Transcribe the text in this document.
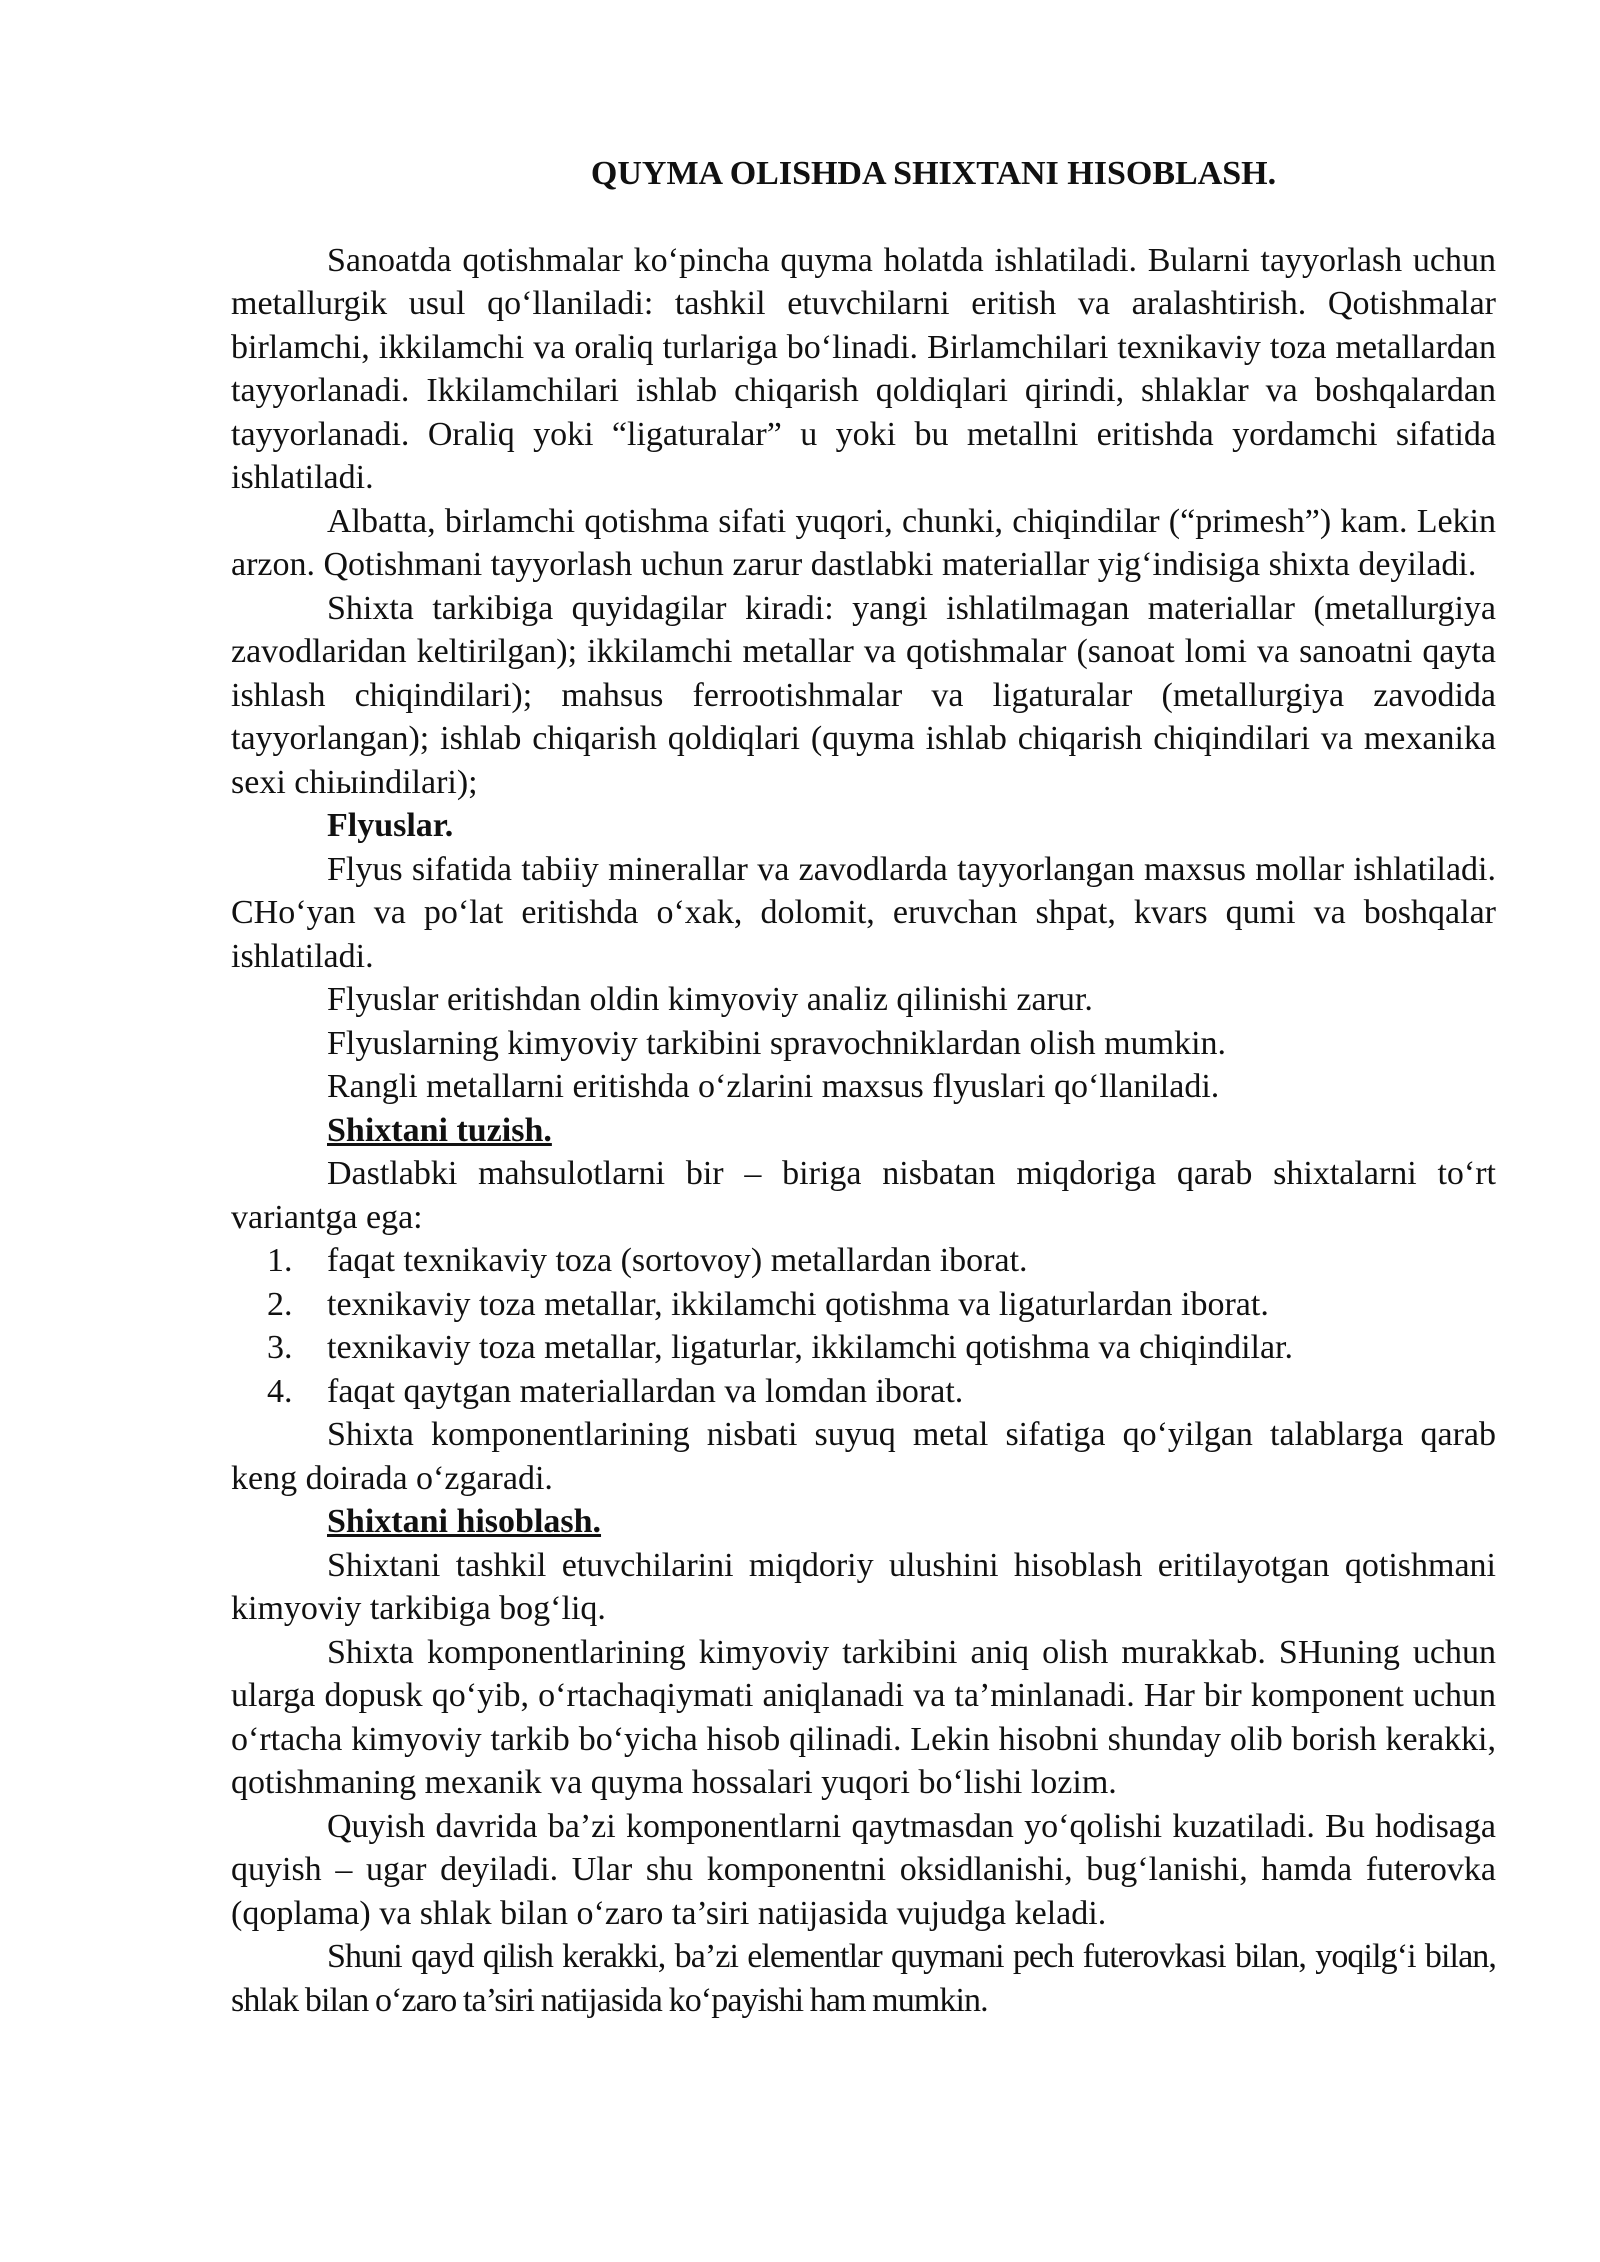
QUYMA OLISHDA SHIXTANI HISOBLASH.

Sanoatda qotishmalar ko‘pincha quyma holatda ishlatiladi. Bularni tayyorlash uchun metallurgik usul qo‘llaniladi: tashkil etuvchilarni eritish va aralashtirish. Qotishmalar birlamchi, ikkilamchi va oraliq turlariga bo‘linadi. Birlamchilari texnikaviy toza metallardan tayyorlanadi. Ikkilamchilari ishlab chiqarish qoldiqlari qirindi, shlaklar va boshqalardan tayyorlanadi. Oraliq yoki “ligaturalar” u yoki bu metallni eritishda yordamchi sifatida ishlatiladi.

Albatta, birlamchi qotishma sifati yuqori, chunki, chiqindilar (“primesh”) kam. Lekin arzon. Qotishmani tayyorlash uchun zarur dastlabki materiallar yig‘indisiga shixta deyiladi.

Shixta tarkibiga quyidagilar kiradi: yangi ishlatilmagan materiallar (metallurgiya zavodlaridan keltirilgan); ikkilamchi metallar va qotishmalar (sanoat lomi va sanoatni qayta ishlash chiqindilari); mahsus ferrootishmalar va ligaturalar (metallurgiya zavodida tayyorlangan); ishlab chiqarish qoldiqlari (quyma ishlab chiqarish chiqindilari va mexanika sexi chiыindilari);

Flyuslar.

Flyus sifatida tabiiy minerallar va zavodlarda tayyorlangan maxsus mollar ishlatiladi. CHo‘yan va po‘lat eritishda o‘xak, dolomit, eruvchan shpat, kvars qumi va boshqalar ishlatiladi.

Flyuslar eritishdan oldin kimyoviy analiz qilinishi zarur.

Flyuslarning kimyoviy tarkibini spravochniklardan olish mumkin.

Rangli metallarni eritishda o‘zlarini maxsus flyuslari qo‘llaniladi.

Shixtani tuzish.

Dastlabki mahsulotlarni bir – biriga nisbatan miqdoriga qarab shixtalarni to‘rt variantga ega:

1.	faqat texnikaviy toza (sortovoy) metallardan iborat.
2.	texnikaviy toza metallar, ikkilamchi qotishma va ligaturlardan iborat.
3.	texnikaviy toza metallar, ligaturlar, ikkilamchi qotishma va chiqindilar.
4.	faqat qaytgan materiallardan va lomdan iborat.

Shixta komponentlarining nisbati suyuq metal sifatiga qo‘yilgan talablarga qarab keng doirada o‘zgaradi.

Shixtani hisoblash.

Shixtani tashkil etuvchilarini miqdoriy ulushini hisoblash eritilayotgan qotishmani kimyoviy tarkibiga bog‘liq.

Shixta komponentlarining kimyoviy tarkibini aniq olish murakkab. SHuning uchun ularga dopusk qo‘yib, o‘rtachaqiymati aniqlanadi va ta’minlanadi. Har bir komponent uchun o‘rtacha kimyoviy tarkib bo‘yicha hisob qilinadi. Lekin hisobni shunday olib borish kerakki, qotishmaning mexanik va quyma hossalari yuqori bo‘lishi lozim.

Quyish davrida ba’zi komponentlarni qaytmasdan yo‘qolishi kuzatiladi. Bu hodisaga quyish – ugar deyiladi. Ular shu komponentni oksidlanishi, bug‘lanishi, hamda futerovka (qoplama) va shlak bilan o‘zaro ta’siri natijasida vujudga keladi.

Shuni qayd qilish kerakki, ba’zi elementlar quymani pech futerovkasi bilan, yoqilg‘i bilan, shlak bilan o‘zaro ta’siri natijasida ko‘payishi ham mumkin.
